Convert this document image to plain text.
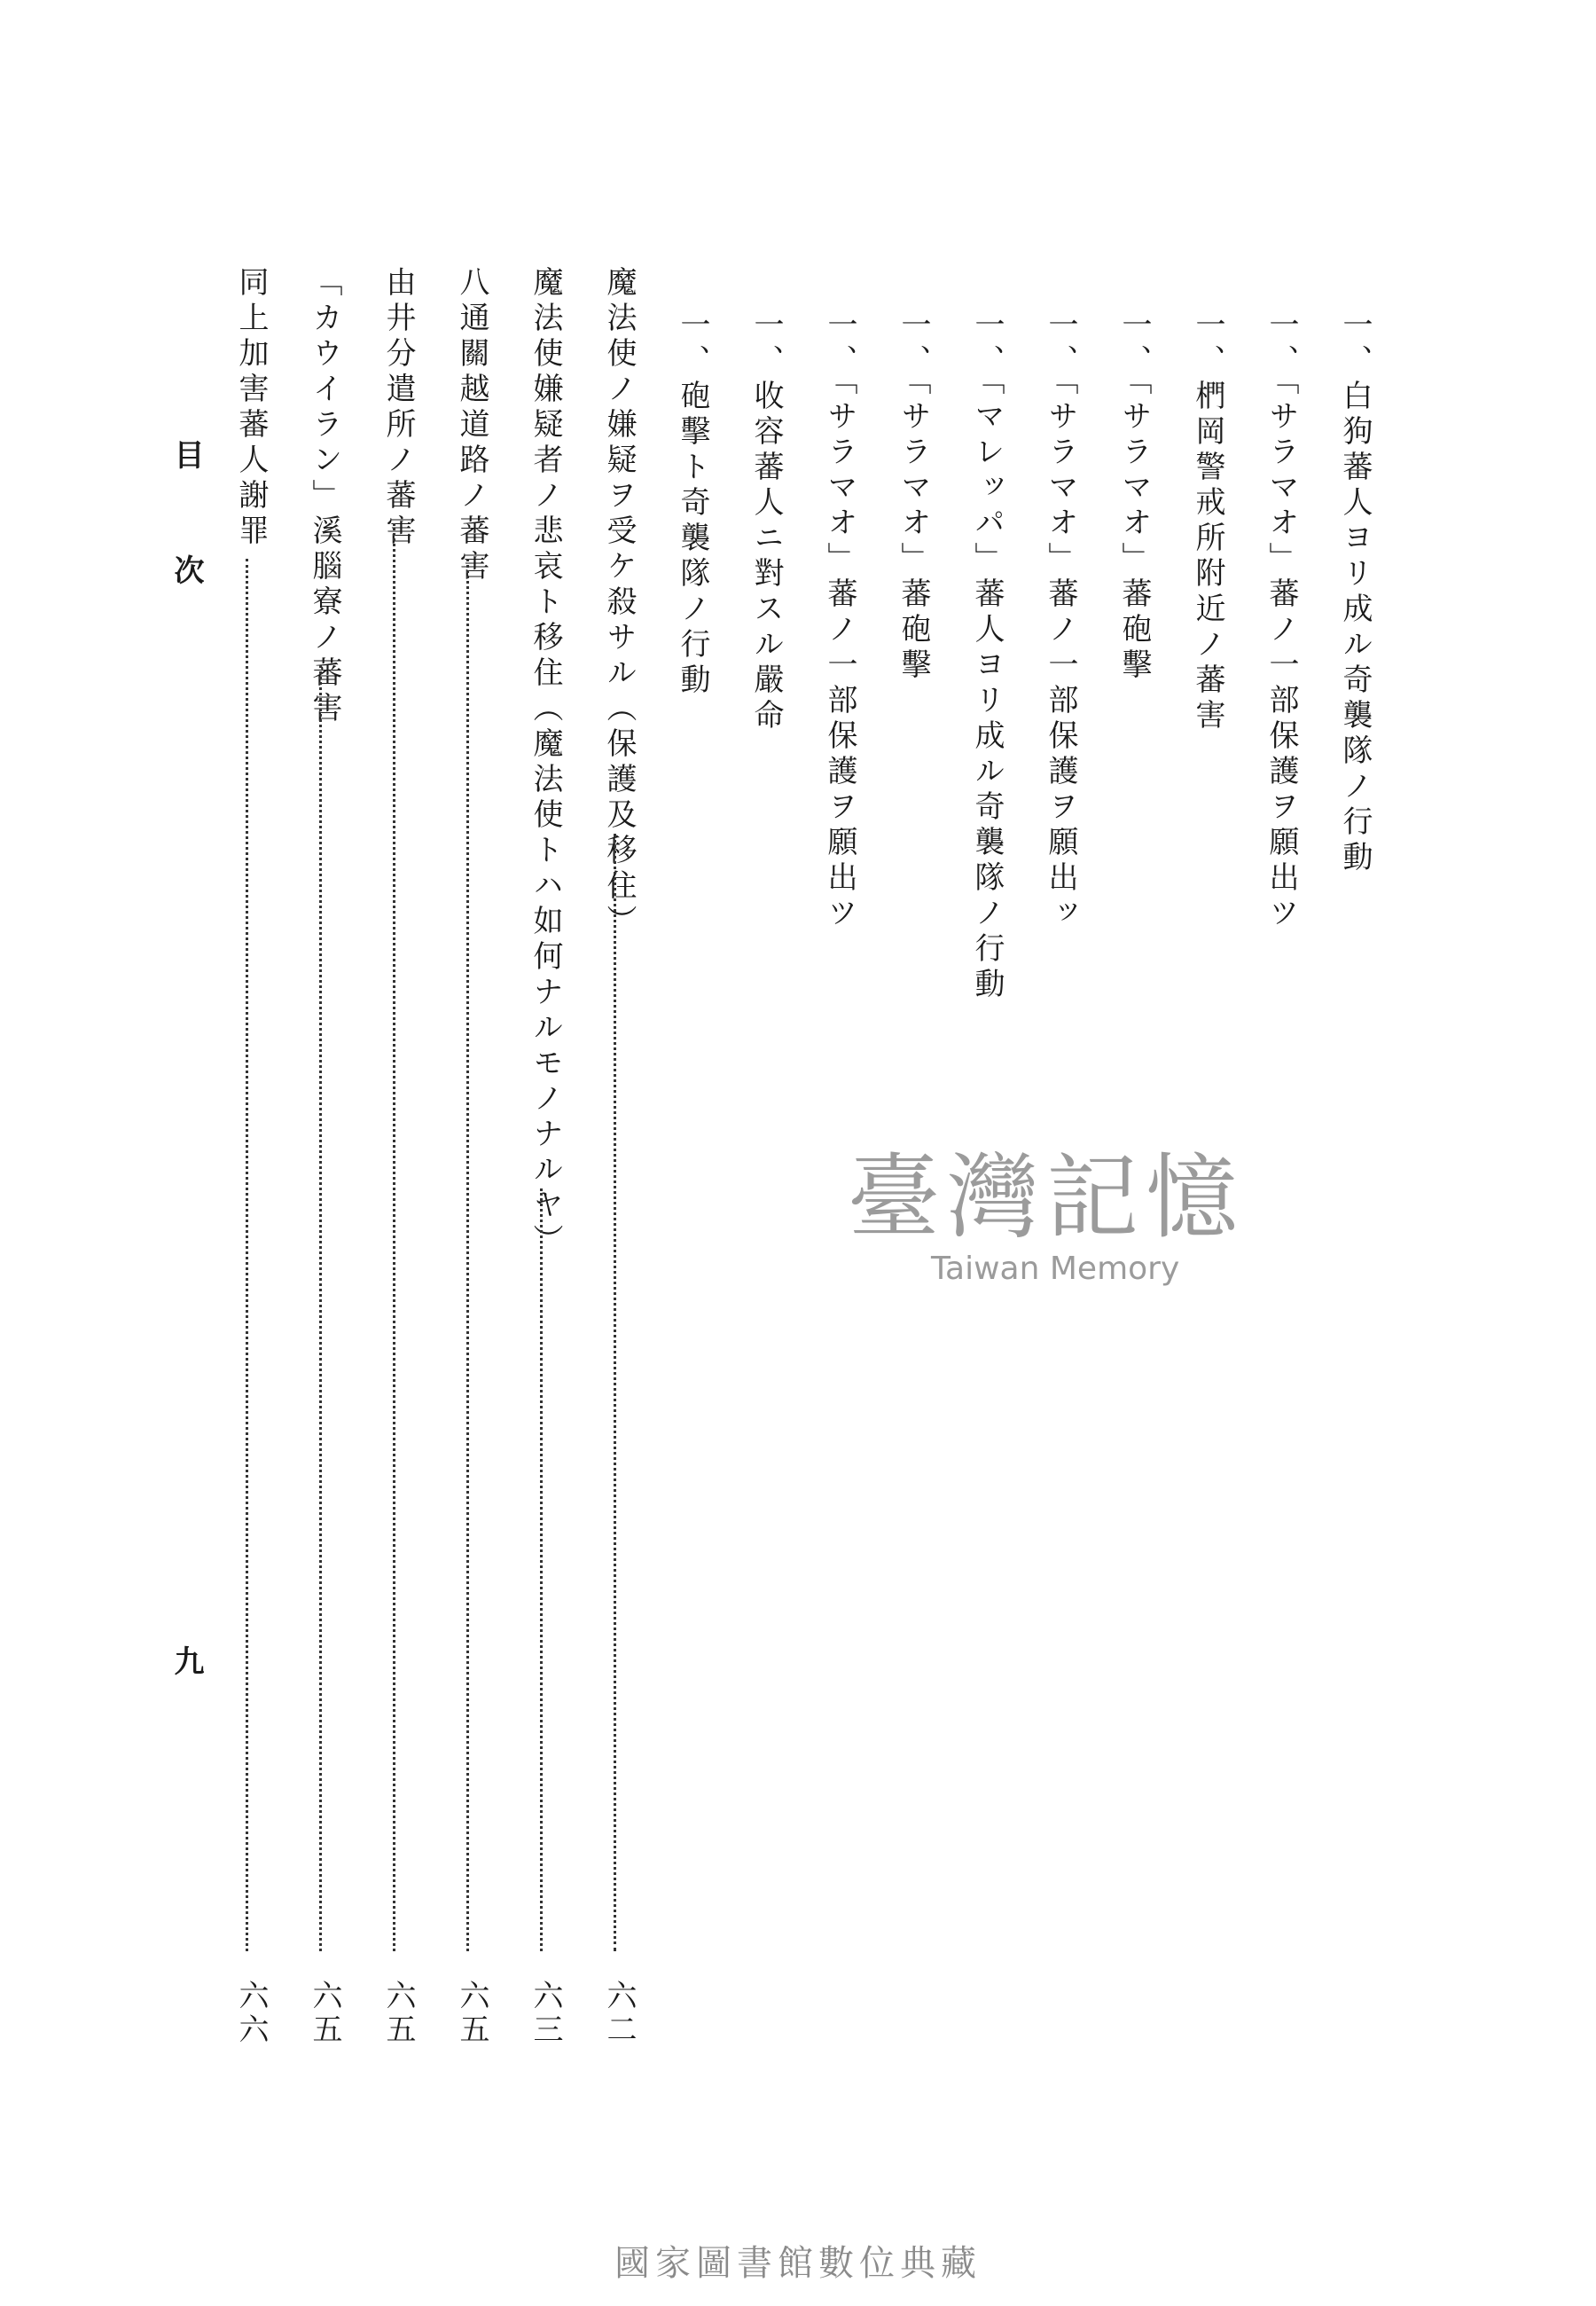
一、白狗蕃人ヨリ成ル奇襲隊ノ行動
一、「サラマオ」蕃ノ一部保護ヲ願出ツ
一、椚岡警戒所附近ノ蕃害
一、「サラマオ」蕃砲擊
一、「サラマオ」蕃ノ一部保護ヲ願出ッ
一、「マレッパ」蕃人ヨリ成ル奇襲隊ノ行動
一、「サラマオ」蕃砲擊
一、「サラマオ」蕃ノ一部保護ヲ願出ツ
一、收容蕃人ニ對スル嚴命
一、砲擊ト奇襲隊ノ行動
魔法使ノ嫌疑ヲ受ケ殺サル（保護及移住）
六二
魔法使嫌疑者ノ悲哀ト移住（魔法使トハ如何ナルモノナルヤ）
六三
八通關越道路ノ蕃害
六五
由井分遣所ノ蕃害
六五
「カウイラン」溪腦寮ノ蕃害
六五
同上加害蕃人謝罪
六六
目
次
九
臺灣記憶
Taiwan Memory
國家圖書館數位典藏
